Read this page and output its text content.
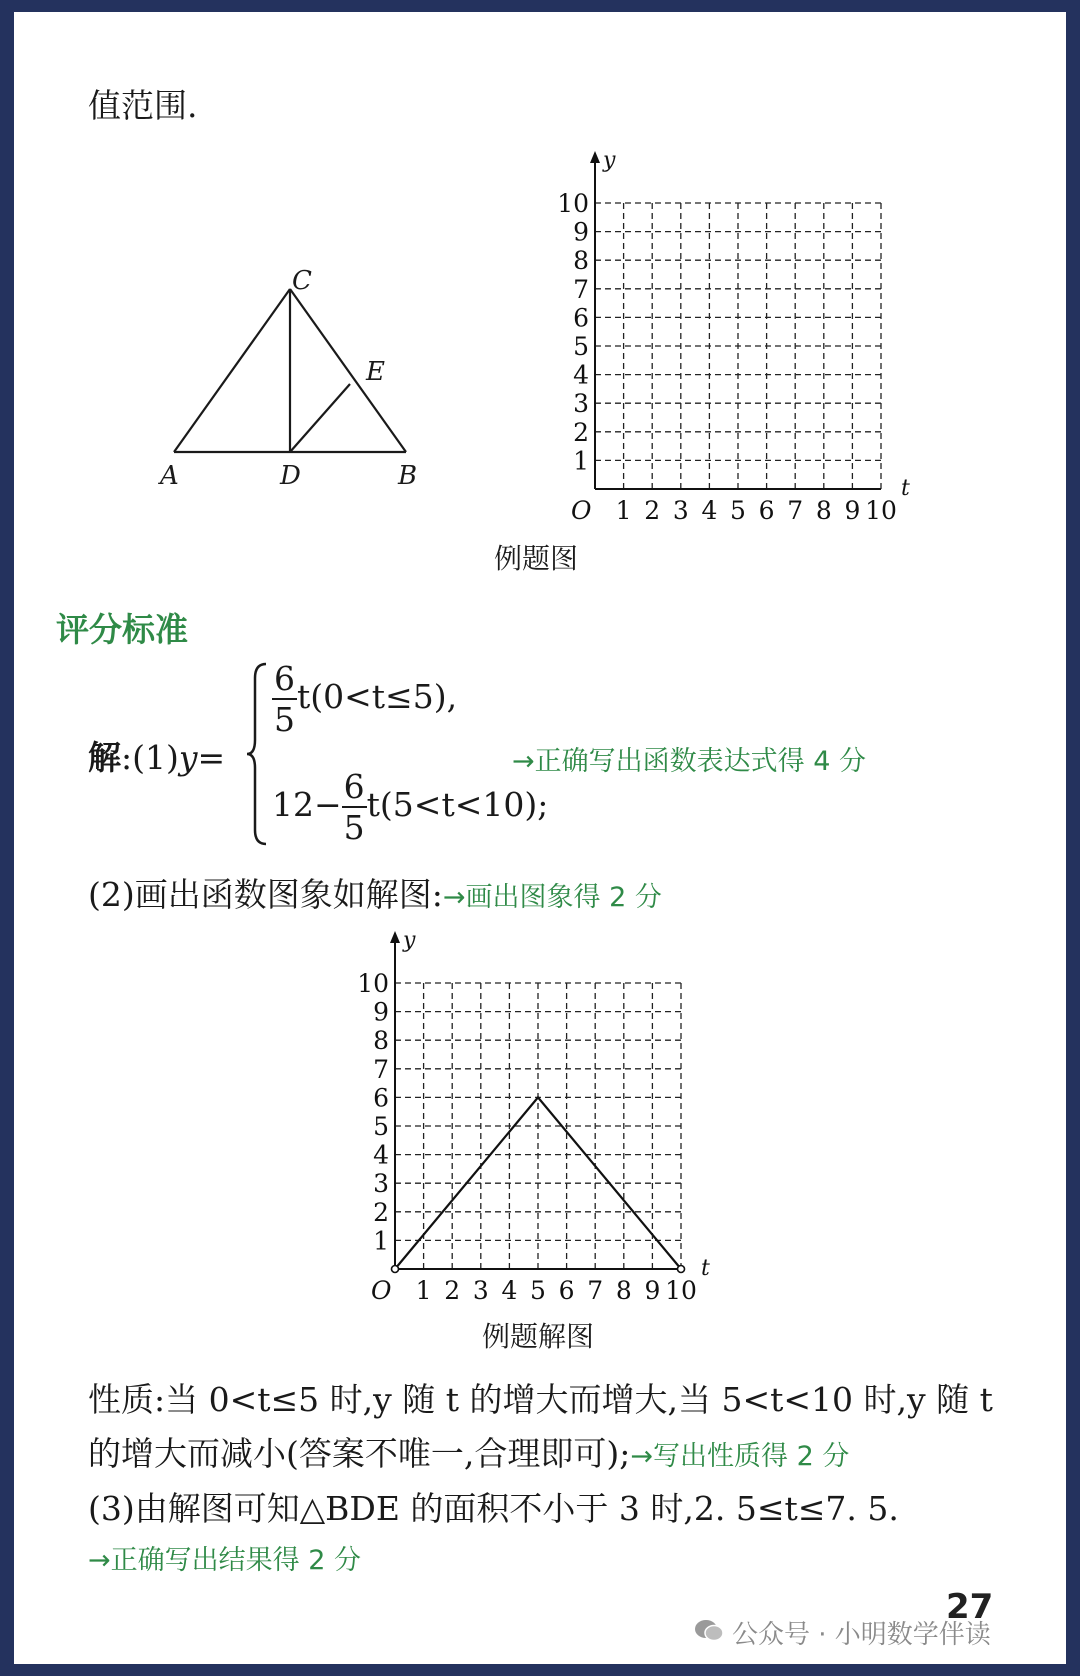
值范围.
C
E
A	D	B
y
t
O
1
2
3
4
5
6
7
8
9
10
1 2 3 4 5 6 7 8 9 10
例题图
评分标准
解:(1)y=
$\frac{6}{5} t(0<t\le 5)$,
$12- \frac{6}{5} t(5<t<10)$;
→正确写出函数表达式得 4 分
(2)画出函数图象如解图:→画出图象得 2 分
y
t
O
1
2
3
4
5
6
7
8
9
10
1 2 3 4 5 6 7 8 9 10
例题解图
性质:当 0<t≤5 时,y 随 t 的增大而增大,当 5<t<10 时,y 随 t
的增大而减小(答案不唯一,合理即可);→写出性质得 2 分
(3)由解图可知△BDE 的面积不小于 3 时,2. 5≤t≤7. 5.
→正确写出结果得 2 分
公众号 · 小明数学伴读
27
